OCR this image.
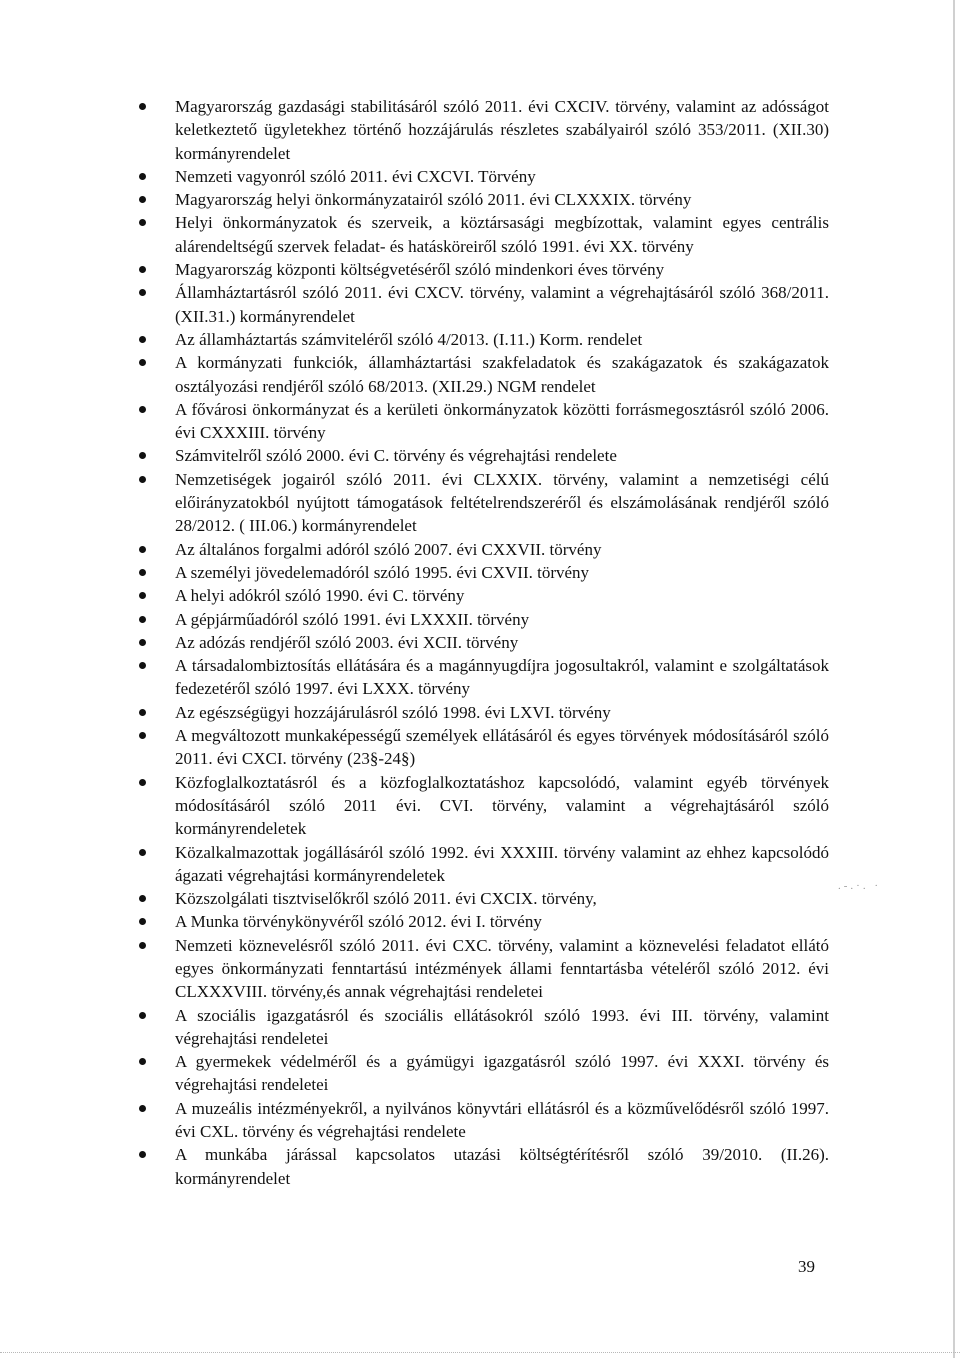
Magyarország gazdasági stabilitásáról szóló 2011. évi CXCIV. törvény, valamint az adósságot keletkeztető ügyletekhez történő hozzájárulás részletes szabályairól szóló 353/2011. (XII.30) kormányrendelet
Nemzeti vagyonról szóló 2011. évi CXCVI. Törvény
Magyarország helyi önkormányzatairól szóló 2011. évi CLXXXIX. törvény
Helyi önkormányzatok és szerveik, a köztársasági megbízottak, valamint egyes centrális alárendeltségű szervek feladat- és hatásköreiről szóló 1991. évi XX. törvény
Magyarország központi költségvetéséről szóló mindenkori éves törvény
Államháztartásról szóló 2011. évi CXCV. törvény, valamint a végrehajtásáról szóló 368/2011. (XII.31.) kormányrendelet
Az államháztartás számviteléről szóló 4/2013. (I.11.) Korm. rendelet
A kormányzati funkciók, államháztartási szakfeladatok és szakágazatok és szakágazatok osztályozási rendjéről szóló 68/2013. (XII.29.) NGM rendelet
A fővárosi önkormányzat és a kerületi önkormányzatok közötti forrásmegosztásról szóló 2006. évi CXXXIII. törvény
Számvitelről szóló 2000. évi C. törvény és végrehajtási rendelete
Nemzetiségek jogairól szóló 2011. évi CLXXIX. törvény, valamint a nemzetiségi célú előirányzatokból nyújtott támogatások feltételrendszeréről és elszámolásának rendjéről szóló 28/2012. ( III.06.) kormányrendelet
Az általános forgalmi adóról szóló 2007. évi CXXVII. törvény
A személyi jövedelemadóról szóló 1995. évi CXVII. törvény
A helyi adókról szóló 1990. évi C. törvény
A gépjárműadóról szóló 1991. évi LXXXII. törvény
Az adózás rendjéről szóló 2003. évi XCII. törvény
A társadalombiztosítás ellátására és a magánnyugdíjra jogosultakról, valamint e szolgáltatások fedezetéről szóló 1997. évi LXXX. törvény
Az egészségügyi hozzájárulásról szóló 1998. évi LXVI. törvény
A megváltozott munkaképességű személyek ellátásáról és egyes törvények módosításáról szóló 2011. évi CXCI. törvény (23§-24§)
Közfoglalkoztatásról és a közfoglalkoztatáshoz kapcsolódó, valamint egyéb törvények módosításáról szóló 2011 évi. CVI. törvény, valamint a végrehajtásáról szóló kormányrendeletek
Közalkalmazottak jogállásáról szóló 1992. évi XXXIII. törvény valamint az ehhez kapcsolódó ágazati végrehajtási kormányrendeletek
Közszolgálati tisztviselőkről szóló 2011. évi CXCIX. törvény,
A Munka törvénykönyvéről szóló 2012. évi I. törvény
Nemzeti köznevelésről szóló 2011. évi CXC. törvény, valamint a köznevelési feladatot ellátó egyes önkormányzati fenntartású intézmények állami fenntartásba vételéről szóló 2012. évi CLXXXVIII. törvény,és annak végrehajtási rendeletei
A szociális igazgatásról és szociális ellátásokról szóló 1993. évi III. törvény, valamint végrehajtási rendeletei
A gyermekek védelméről és a gyámügyi igazgatásról szóló 1997. évi XXXI. törvény és végrehajtási rendeletei
A muzeális intézményekről, a nyilvános könyvtári ellátásról és a közművelődésről szóló 1997. évi CXL. törvény és végrehajtási rendelete
A munkába járással kapcsolatos utazási költségtérítésről szóló 39/2010. (II.26). kormányrendelet
39
.-.·. ·
